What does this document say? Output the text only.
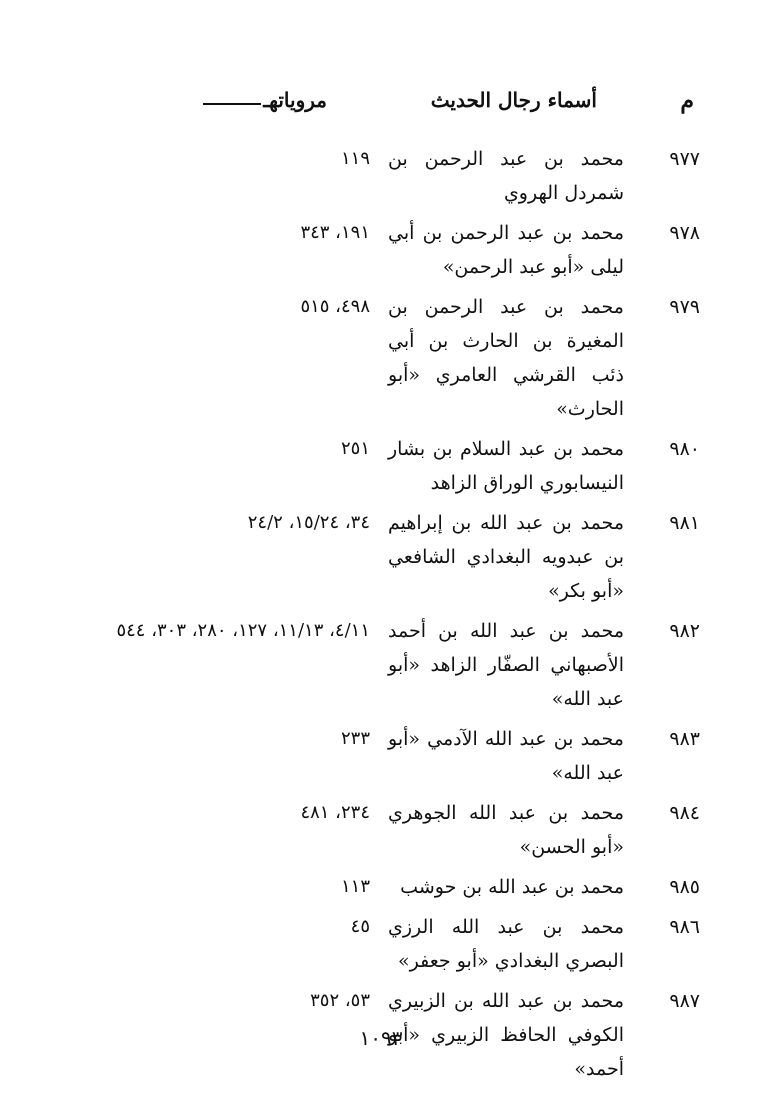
م
أسماء رجال الحديث
مروياتهـ
٩٧٧
محمد بن عبد الرحمن بن شمردل الهروي
١١٩
٩٧٨
محمد بن عبد الرحمن بن أبي ليلى «أبو عبد الرحمن»
١٩١، ٣٤٣
٩٧٩
محمد بن عبد الرحمن بن المغيرة بن الحارث بن أبي ذئب القرشي العامري «أبو الحارث»
٤٩٨، ٥١٥
٩٨٠
محمد بن عبد السلام بن بشار النيسابوري الوراق الزاهد
٢٥١
٩٨١
محمد بن عبد الله بن إبراهيم بن عبدويه البغدادي الشافعي «أبو بكر»
٣٤، ١٥/٢٤، ٢٤/٢
٩٨٢
محمد بن عبد الله بن أحمد الأصبهاني الصفّار الزاهد «أبو عبد الله»
٤/١١، ١١/١٣، ١٢٧، ٢٨٠، ٣٠٣، ٥٤٤
٩٨٣
محمد بن عبد الله الآدمي «أبو عبد الله»
٢٣٣
٩٨٤
محمد بن عبد الله الجوهري «أبو الحسن»
٢٣٤، ٤٨١
٩٨٥
محمد بن عبد الله بن حوشب
١١٣
٩٨٦
محمد بن عبد الله الرزي البصري البغدادي «أبو جعفر»
٤٥
٩٨٧
محمد بن عبد الله بن الزبيري الكوفي الحافظ الزبيري «أبو أحمد»
٥٣، ٣٥٢
١٠٩٣
